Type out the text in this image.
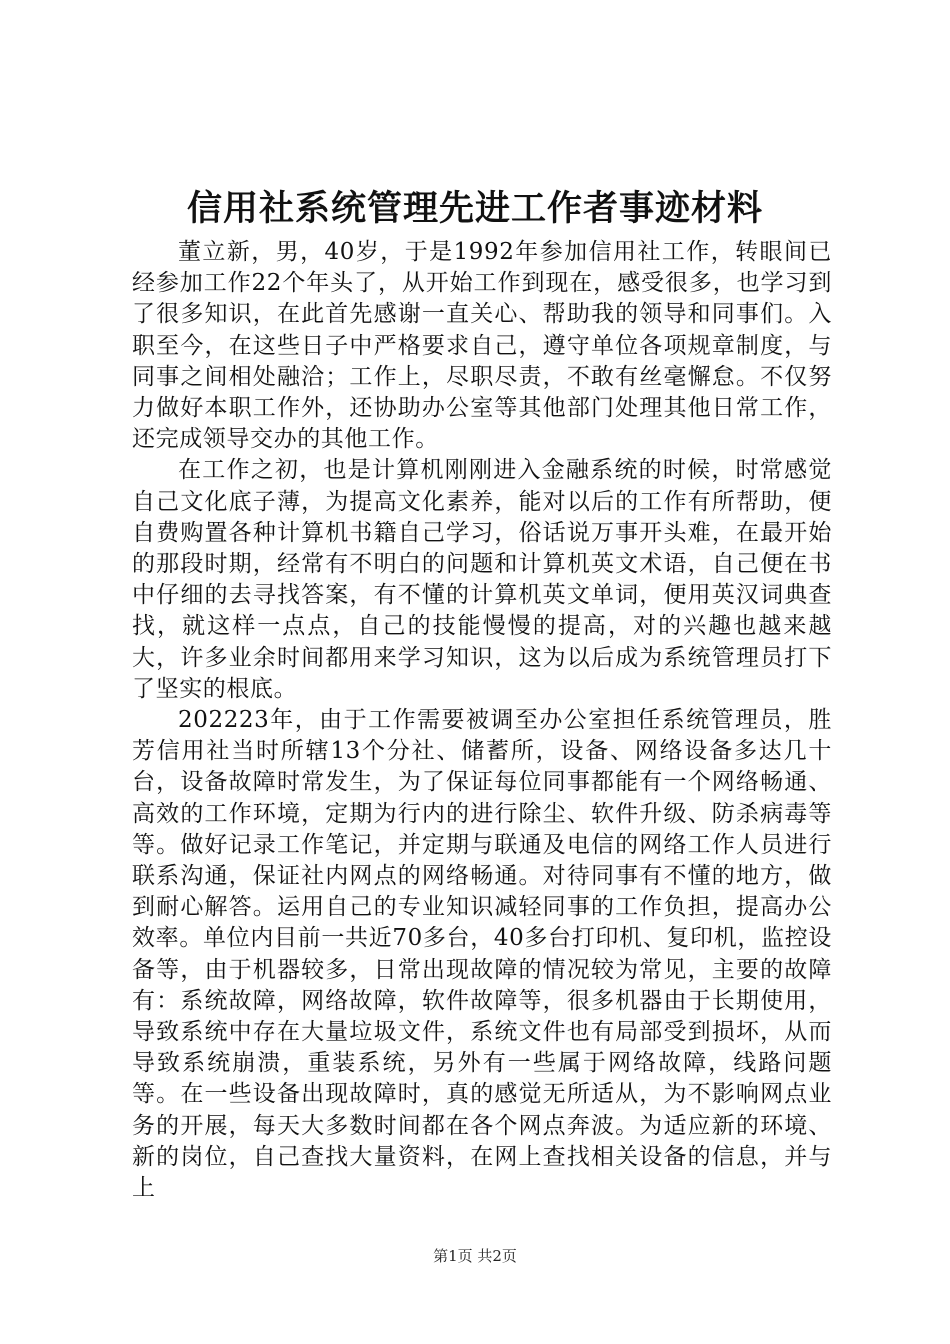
信用社系统管理先进工作者事迹材料

董立新，男，40岁，于是1992年参加信用社工作，转眼间已经参加工作22个年头了，从开始工作到现在，感受很多，也学习到了很多知识，在此首先感谢一直关心、帮助我的领导和同事们。入职至今，在这些日子中严格要求自己，遵守单位各项规章制度，与同事之间相处融洽；工作上，尽职尽责，不敢有丝毫懈怠。不仅努力做好本职工作外，还协助办公室等其他部门处理其他日常工作，还完成领导交办的其他工作。

在工作之初，也是计算机刚刚进入金融系统的时候，时常感觉自己文化底子薄，为提高文化素养，能对以后的工作有所帮助，便自费购置各种计算机书籍自己学习，俗话说万事开头难，在最开始的那段时期，经常有不明白的问题和计算机英文术语，自己便在书中仔细的去寻找答案，有不懂的计算机英文单词，便用英汉词典查找，就这样一点点，自己的技能慢慢的提高，对的兴趣也越来越大，许多业余时间都用来学习知识，这为以后成为系统管理员打下了坚实的根底。

202223年，由于工作需要被调至办公室担任系统管理员，胜芳信用社当时所辖13个分社、储蓄所，设备、网络设备多达几十台，设备故障时常发生，为了保证每位同事都能有一个网络畅通、高效的工作环境，定期为行内的进行除尘、软件升级、防杀病毒等等。做好记录工作笔记，并定期与联通及电信的网络工作人员进行联系沟通，保证社内网点的网络畅通。对待同事有不懂的地方，做到耐心解答。运用自己的专业知识减轻同事的工作负担，提高办公效率。单位内目前一共近70多台，40多台打印机、复印机，监控设备等，由于机器较多，日常出现故障的情况较为常见，主要的故障有：系统故障，网络故障，软件故障等，很多机器由于长期使用，导致系统中存在大量垃圾文件，系统文件也有局部受到损坏，从而导致系统崩溃，重装系统，另外有一些属于网络故障，线路问题等。在一些设备出现故障时，真的感觉无所适从，为不影响网点业务的开展，每天大多数时间都在各个网点奔波。为适应新的环境、新的岗位，自己查找大量资料，在网上查找相关设备的信息，并与上

第1页 共2页
